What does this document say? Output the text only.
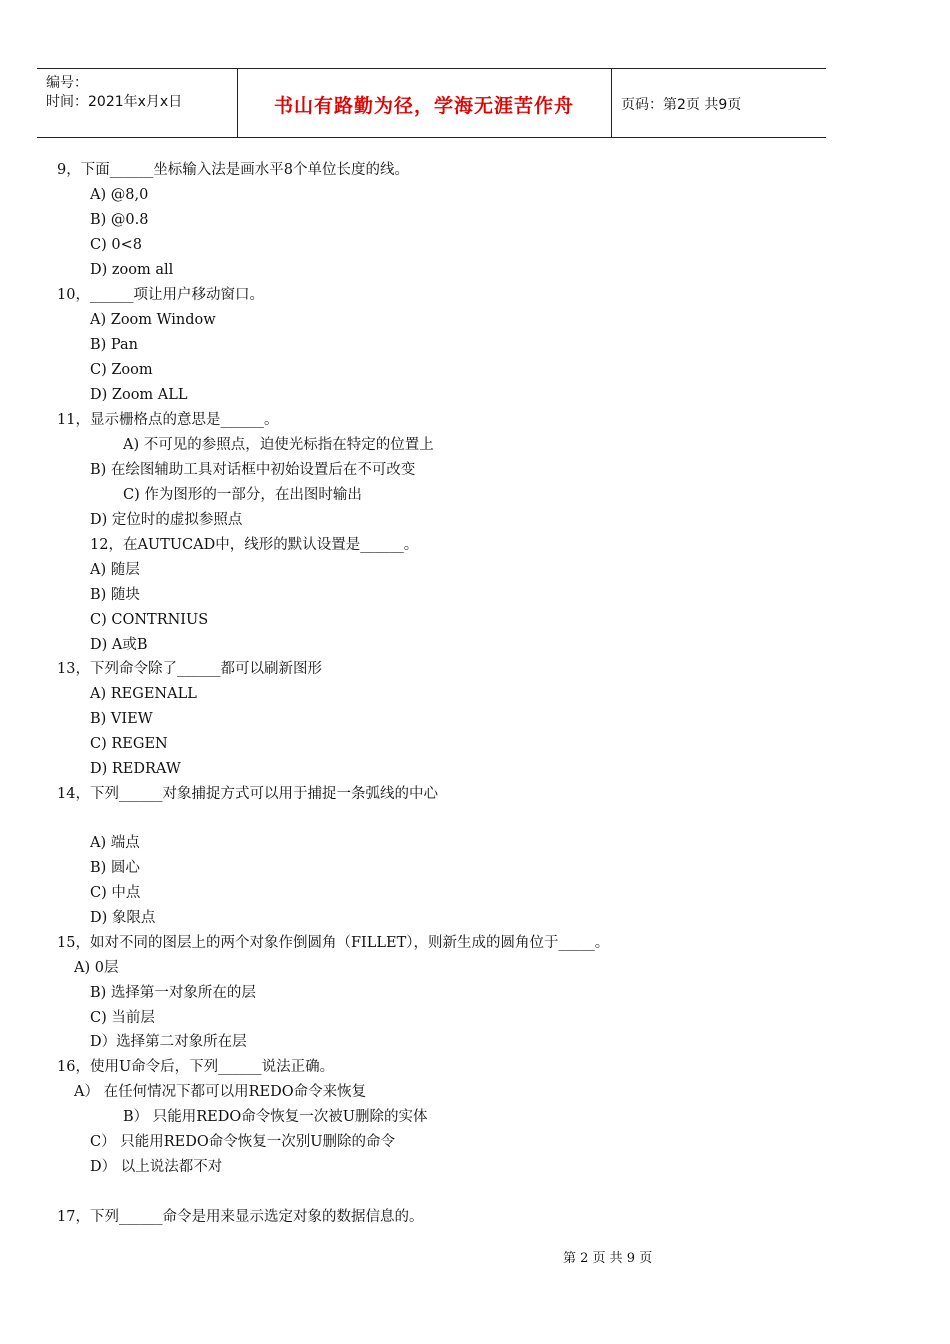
编号：
时间：2021年x月x日	书山有路勤为径，学海无涯苦作舟	页码：第2页 共9页
9，下面______坐标输入法是画水平8个单位长度的线。
A) @8,0
B) @0.8
C) 0<8
D) zoom all
10，______项让用户移动窗口。
A) Zoom Window
B) Pan
C) Zoom
D) Zoom ALL
11，显示栅格点的意思是______。
A) 不可见的参照点，迫使光标指在特定的位置上
B) 在绘图辅助工具对话框中初始设置后在不可改变
C) 作为图形的一部分，在出图时输出
D) 定位时的虚拟参照点
12，在AUTUCAD中，线形的默认设置是______。
A) 随层
B) 随块
C) CONTRNIUS
D) A或B
13，下列命令除了______都可以刷新图形
A) REGENALL
B) VIEW
C) REGEN
D) REDRAW
14，下列______对象捕捉方式可以用于捕捉一条弧线的中心
A) 端点
B) 圆心
C) 中点
D) 象限点
15，如对不同的图层上的两个对象作倒圆角（FILLET），则新生成的圆角位于_____。
A) 0层
B) 选择第一对象所在的层
C) 当前层
D）选择第二对象所在层
16，使用U命令后，下列______说法正确。
A） 在任何情况下都可以用REDO命令来恢复
B） 只能用REDO命令恢复一次被U删除的实体
C） 只能用REDO命令恢复一次别U删除的命令
D） 以上说法都不对
17，下列______命令是用来显示选定对象的数据信息的。
第 2 页 共 9 页
